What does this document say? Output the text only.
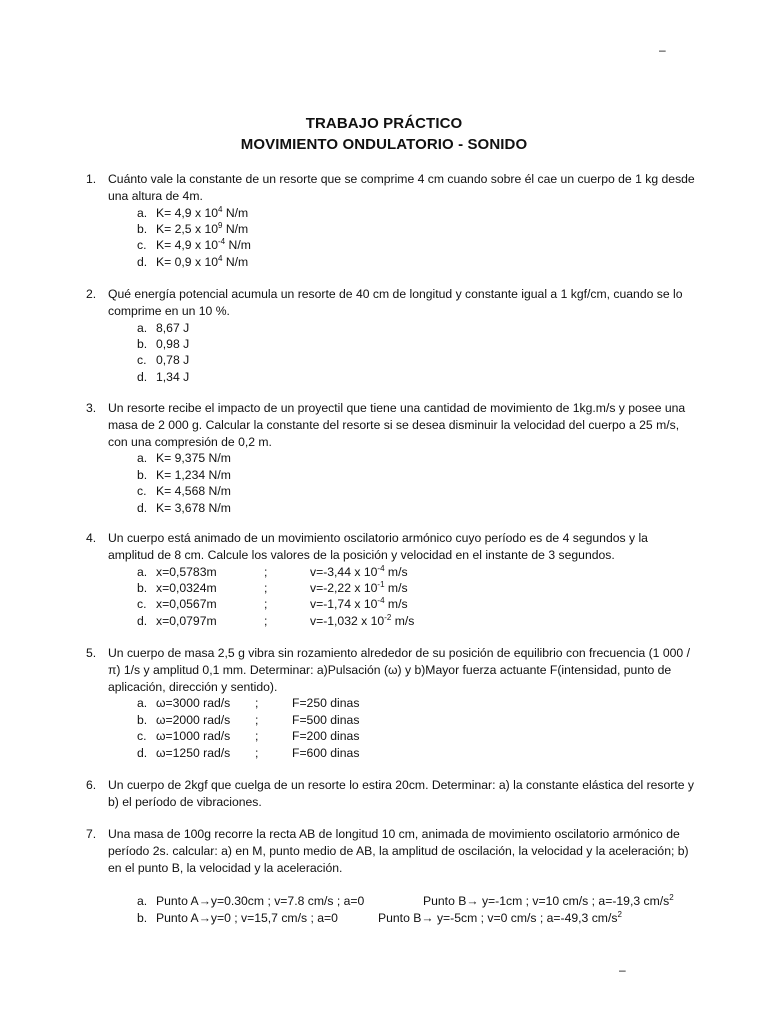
–
TRABAJO PRÁCTICO
MOVIMIENTO ONDULATORIO - SONIDO
1. Cuánto vale la constante de un resorte que se comprime 4 cm cuando sobre él cae un cuerpo de 1 kg desde una altura de 4m.
a. K= 4,9 x $10^4$ N/m
b. K= 2,5 x $10^9$ N/m
c. K= 4,9 x $10^{-4}$ N/m
d. K= 0,9 x $10^4$ N/m
2. Qué energía potencial acumula un resorte de 40 cm de longitud y constante igual a 1 kgf/cm, cuando se lo comprime en un 10 %.
a. 8,67 J
b. 0,98 J
c. 0,78 J
d. 1,34 J
3. Un resorte recibe el impacto de un proyectil que tiene una cantidad de movimiento de 1kg.m/s y posee una masa de 2 000 g. Calcular la constante del resorte si se desea disminuir la velocidad del cuerpo a 25 m/s, con una compresión de 0,2 m.
a. K= 9,375 N/m
b. K= 1,234 N/m
c. K= 4,568 N/m
d. K= 3,678 N/m
4. Un cuerpo está animado de un movimiento oscilatorio armónico cuyo período es de 4 segundos y la amplitud de 8 cm. Calcule los valores de la posición y velocidad en el instante de 3 segundos.
a. x=0,5783m	;	v=-3,44 x $10^{-4}$ m/s
b. x=0,0324m	;	v=-2,22 x $10^{-1}$ m/s
c. x=0,0567m	;	v=-1,74 x $10^{-4}$ m/s
d. x=0,0797m	;	v=-1,032 x $10^{-2}$ m/s
5. Un cuerpo de masa 2,5 g vibra sin rozamiento alrededor de su posición de equilibrio con frecuencia (1 000 /π) 1/s y amplitud 0,1 mm. Determinar: a)Pulsación (ω) y b)Mayor fuerza actuante F(intensidad, punto de aplicación, dirección y sentido).
a. ω=3000 rad/s	;	F=250 dinas
b. ω=2000 rad/s	;	F=500 dinas
c. ω=1000 rad/s	;	F=200 dinas
d. ω=1250 rad/s	;	F=600 dinas
6. Un cuerpo de 2kgf que cuelga de un resorte lo estira 20cm. Determinar: a) la constante elástica del resorte y b) el período de vibraciones.
7. Una masa de 100g recorre la recta AB de longitud 10 cm, animada de movimiento oscilatorio armónico de período 2s. calcular: a) en M, punto medio de AB, la amplitud de oscilación, la velocidad y la aceleración; b) en el punto B, la velocidad y la aceleración.
a. Punto A→y=0.30cm ; v=7.8 cm/s ; a=0	Punto B→ y=-1cm ; v=10 cm/s ; a=-19,3 $cm/s^2$
b. Punto A→y=0 ; v=15,7 cm/s ; a=0	Punto B→ y=-5cm ; v=0 cm/s ; a=-49,3 $cm/s^2$
–
